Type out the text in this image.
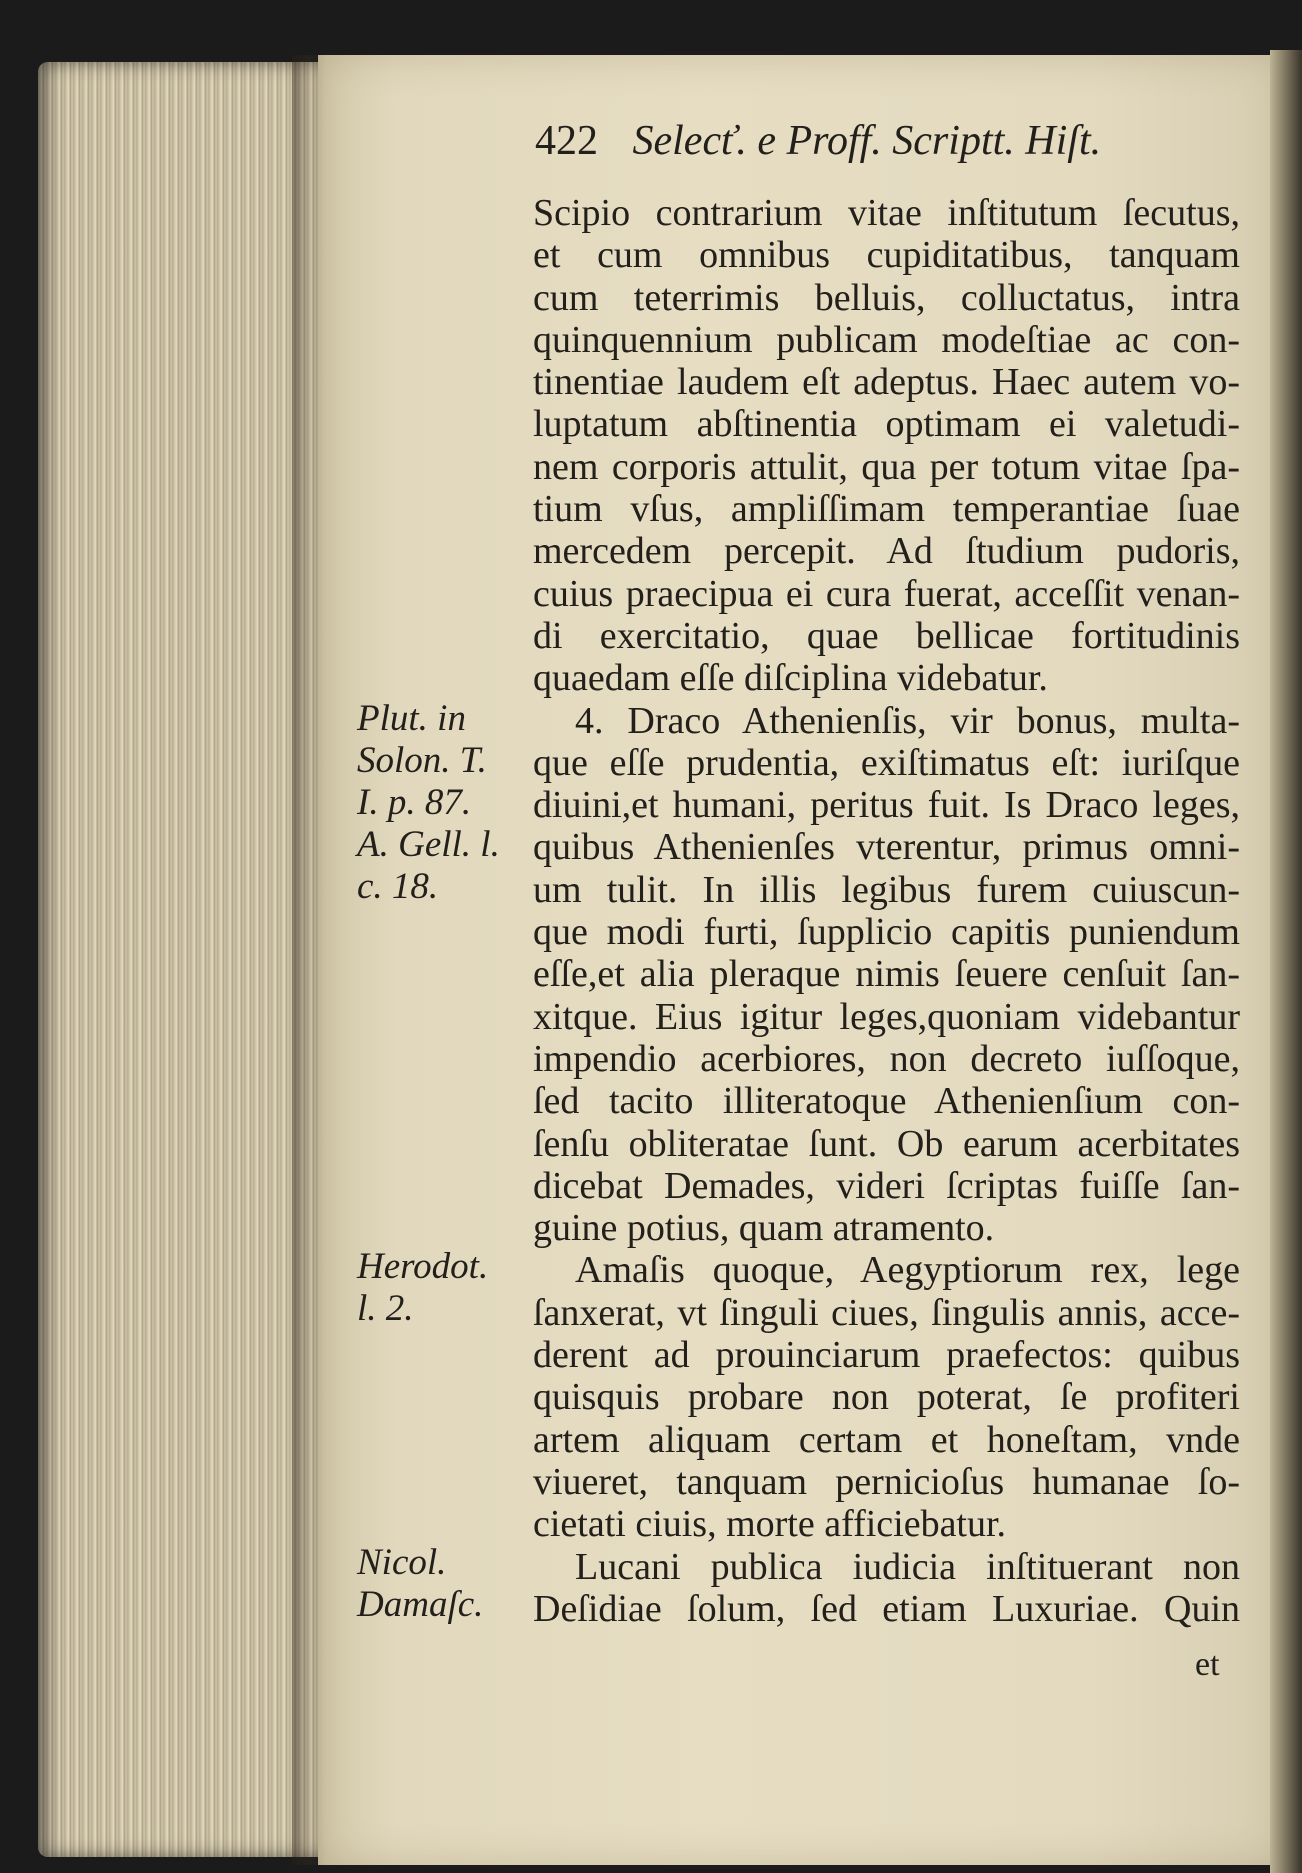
422 Selecť. e Proff. Scriptt. Hiſt.
Scipio contrarium vitae inſtitutum ſecutus,
et cum omnibus cupiditatibus, tanquam
cum teterrimis belluis, colluctatus, intra
quinquennium publicam modeſtiae ac con-
tinentiae laudem eſt adeptus. Haec autem vo-
luptatum abſtinentia optimam ei valetudi-
nem corporis attulit, qua per totum vitae ſpa-
tium vſus, ampliſſimam temperantiae ſuae
mercedem percepit. Ad ſtudium pudoris,
cuius praecipua ei cura fuerat, acceſſit venan-
di exercitatio, quae bellicae fortitudinis
quaedam eſſe diſciplina videbatur.
4. Draco Athenienſis, vir bonus, multa-
que eſſe prudentia, exiſtimatus eſt: iuriſque
diuini,et humani, peritus fuit. Is Draco leges,
quibus Athenienſes vterentur, primus omni-
um tulit. In illis legibus furem cuiuscun-
que modi furti, ſupplicio capitis puniendum
eſſe,et alia pleraque nimis ſeuere cenſuit ſan-
xitque. Eius igitur leges,quoniam videbantur
impendio acerbiores, non decreto iuſſoque,
ſed tacito illiteratoque Athenienſium con-
ſenſu obliteratae ſunt. Ob earum acerbitates
dicebat Demades, videri ſcriptas fuiſſe ſan-
guine potius, quam atramento.
Amaſis quoque, Aegyptiorum rex, lege
ſanxerat, vt ſinguli ciues, ſingulis annis, acce-
derent ad prouinciarum praefectos: quibus
quisquis probare non poterat, ſe profiteri
artem aliquam certam et honeſtam, vnde
viueret, tanquam pernicioſus humanae ſo-
cietati ciuis, morte afficiebatur.
Lucani publica iudicia inſtituerant non
Deſidiae ſolum, ſed etiam Luxuriae. Quin
Plut. in
Solon. T.
I. p. 87.
A. Gell. l.
c. 18.
Herodot.
l. 2.
Nicol.
Damaſc.
et
